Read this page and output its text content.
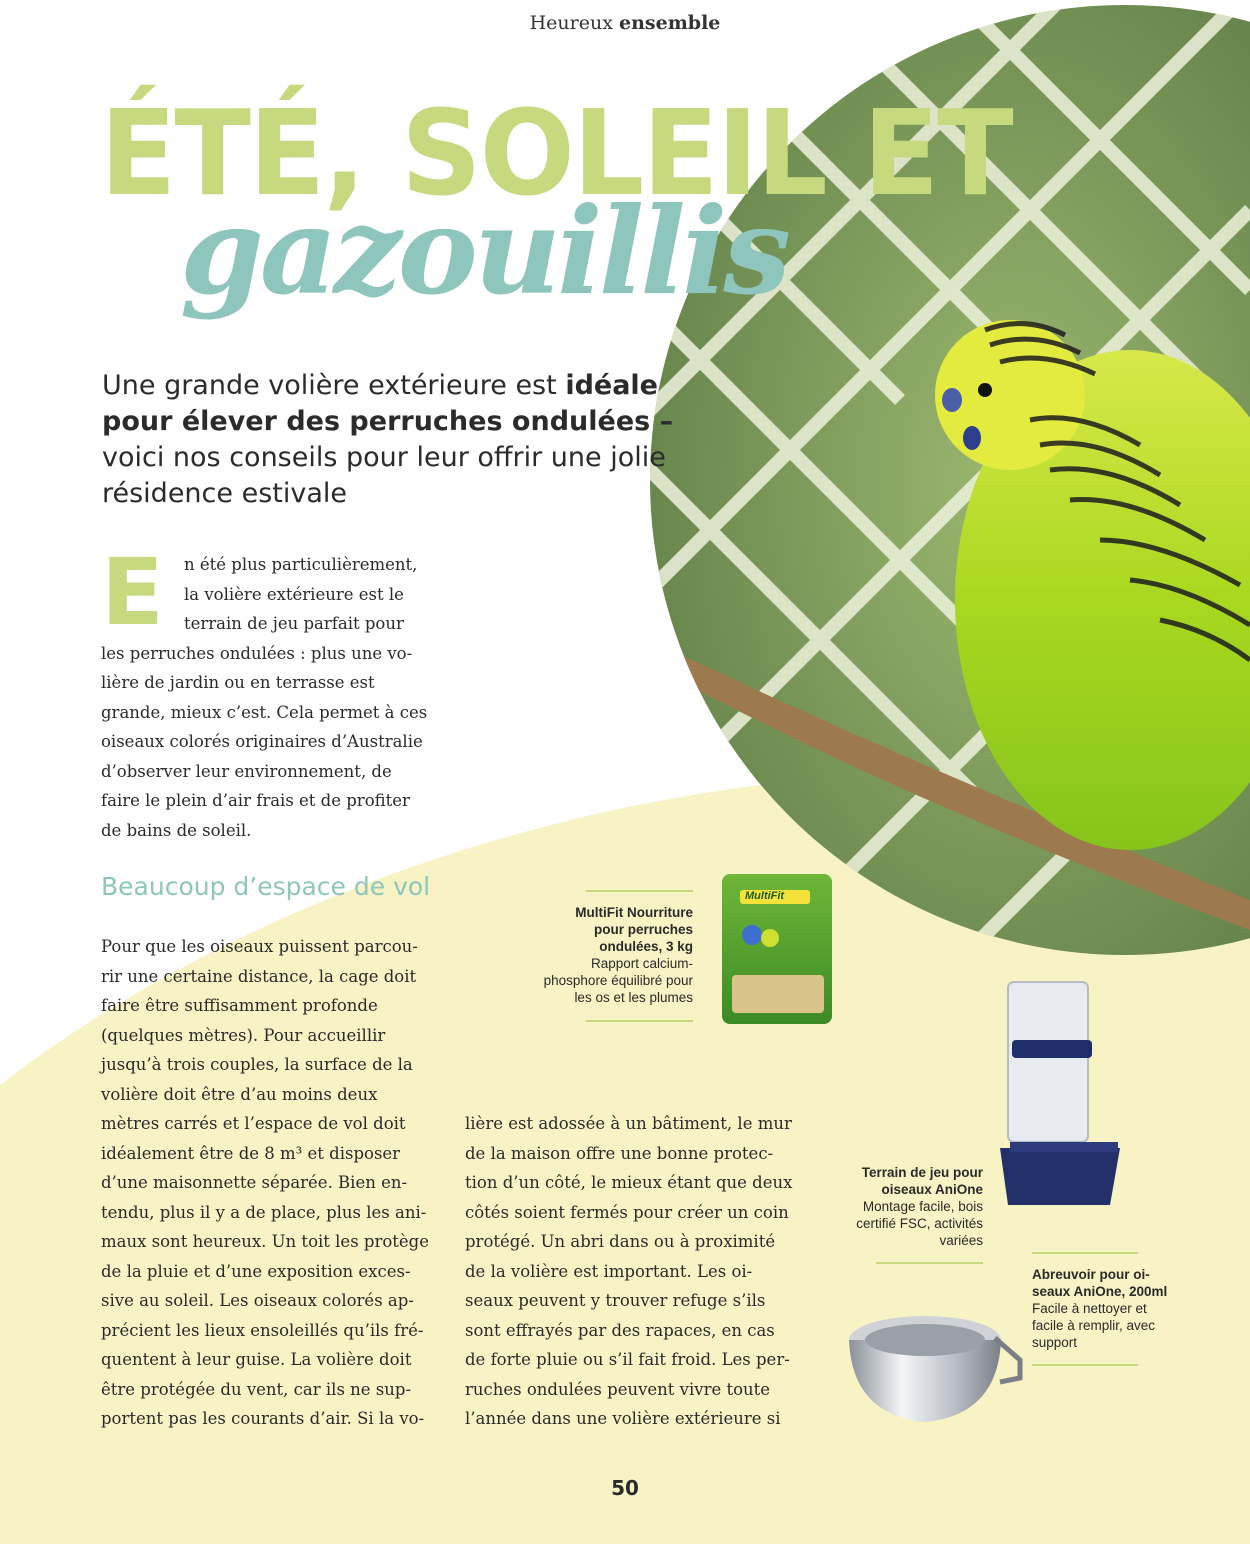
Heureux ensemble
ÉTÉ, SOLEIL ET
gazouillis
Une grande volière extérieure est idéale pour élever des perruches ondulées – voici nos conseils pour leur offrir une jolie résidence estivale
E	n été plus particulièrement,
la volière extérieure est le
terrain de jeu parfait pour
les perruches ondulées : plus une vo-
lière de jardin ou en terrasse est
grande, mieux c’est. Cela permet à ces
oiseaux colorés originaires d’Australie
d’observer leur environnement, de
faire le plein d’air frais et de profiter
de bains de soleil.
Beaucoup d’espace de vol
Pour que les oiseaux puissent parcou-
rir une certaine distance, la cage doit
faire être suffisamment profonde
(quelques mètres). Pour accueillir
jusqu’à trois couples, la surface de la
volière doit être d’au moins deux
mètres carrés et l’espace de vol doit
idéalement être de 8 m³ et disposer
d’une maisonnette séparée. Bien en-
tendu, plus il y a de place, plus les ani-
maux sont heureux. Un toit les protège
de la pluie et d’une exposition exces-
sive au soleil. Les oiseaux colorés ap-
précient les lieux ensoleillés qu’ils fré-
quentent à leur guise. La volière doit
être protégée du vent, car ils ne sup-
portent pas les courants d’air. Si la vo-
lière est adossée à un bâtiment, le mur
de la maison offre une bonne protec-
tion d’un côté, le mieux étant que deux
côtés soient fermés pour créer un coin
protégé. Un abri dans ou à proximité
de la volière est important. Les oi-
seaux peuvent y trouver refuge s’ils
sont effrayés par des rapaces, en cas
de forte pluie ou s’il fait froid. Les per-
ruches ondulées peuvent vivre toute
l’année dans une volière extérieure si
MultiFit Nourriture
pour perruches
ondulées, 3 kg
Rapport calcium-
phosphore équilibré pour
les os et les plumes
MultiFit
Terrain de jeu pour
oiseaux AniOne
Montage facile, bois
certifié FSC, activités
variées
Abreuvoir pour oi-
seaux AniOne, 200ml
Facile à nettoyer et
facile à remplir, avec
support
50
